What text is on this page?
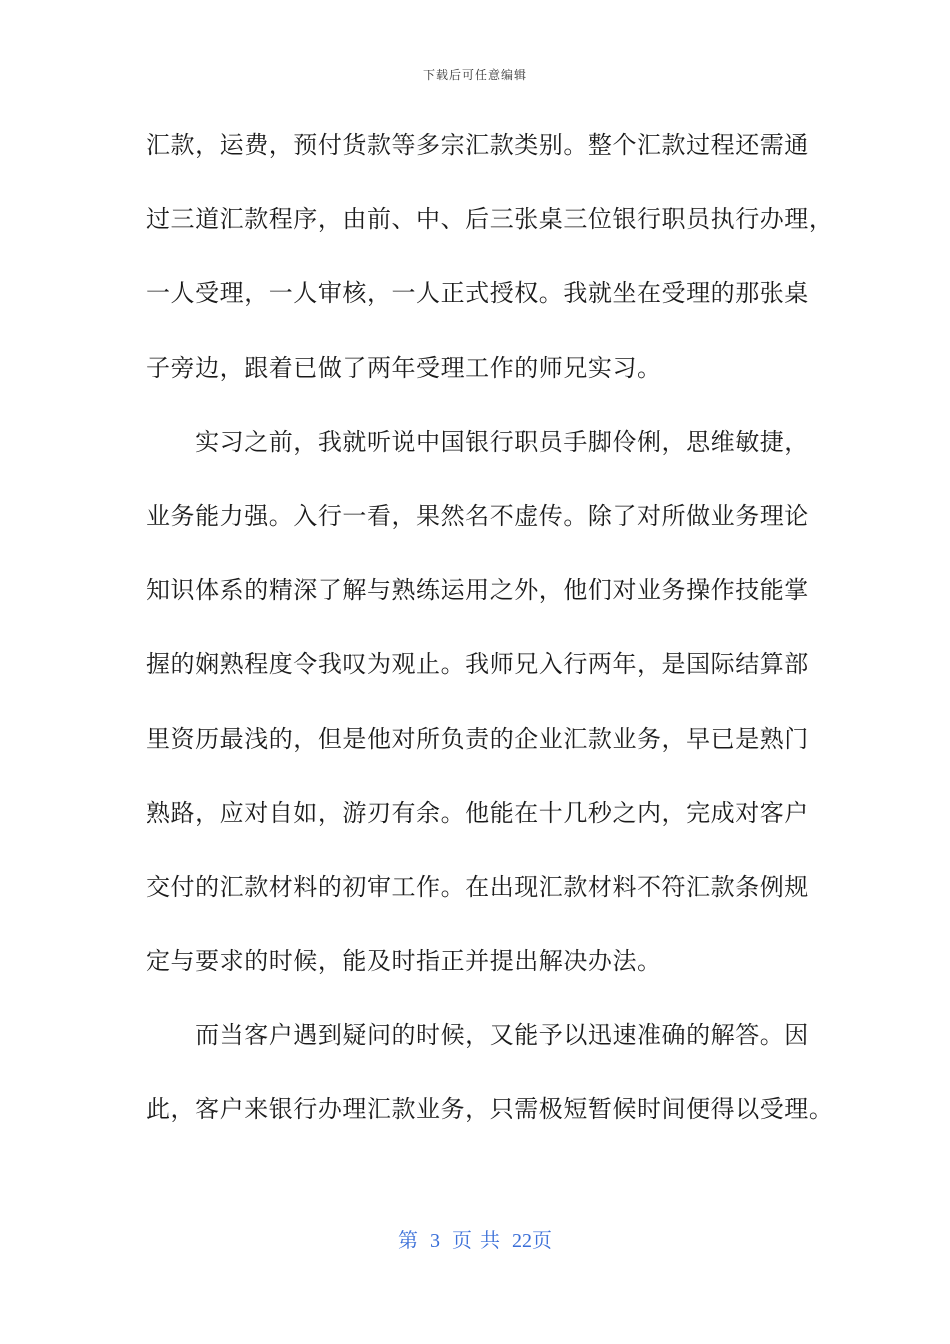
下载后可任意编辑
汇款，运费，预付货款等多宗汇款类别。整个汇款过程还需通
过三道汇款程序，由前、中、后三张桌三位银行职员执行办理，
一人受理，一人审核，一人正式授权。我就坐在受理的那张桌
子旁边，跟着已做了两年受理工作的师兄实习。
　　实习之前，我就听说中国银行职员手脚伶俐，思维敏捷，
业务能力强。入行一看，果然名不虚传。除了对所做业务理论
知识体系的精深了解与熟练运用之外，他们对业务操作技能掌
握的娴熟程度令我叹为观止。我师兄入行两年，是国际结算部
里资历最浅的，但是他对所负责的企业汇款业务，早已是熟门
熟路，应对自如，游刃有余。他能在十几秒之内，完成对客户
交付的汇款材料的初审工作。在出现汇款材料不符汇款条例规
定与要求的时候，能及时指正并提出解决办法。
　　而当客户遇到疑问的时候，又能予以迅速准确的解答。因
此，客户来银行办理汇款业务，只需极短暂候时间便得以受理。
第 3 页 共 22页
